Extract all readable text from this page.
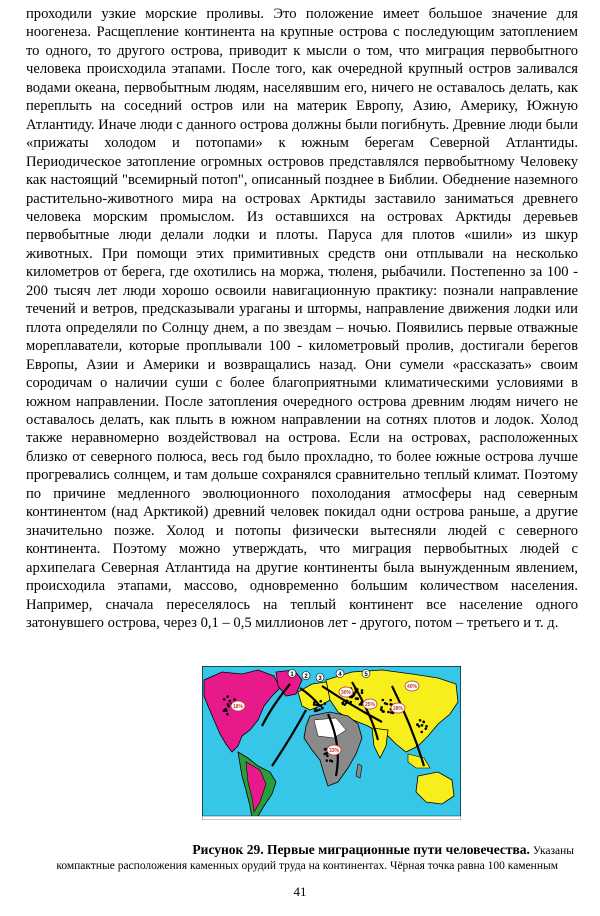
проходили узкие морские проливы. Это положение имеет большое значение для ноогенеза. Расщепление континента на крупные острова с последующим затоплением то одного, то другого острова, приводит к мысли о том, что миграция первобытного человека происходила этапами. После того, как очередной крупный остров заливался водами океана, первобытным людям, населявшим его, ничего не оставалось делать, как переплыть на соседний остров или на материк Европу, Азию, Америку, Южную Атлантиду. Иначе люди с данного острова должны были погибнуть. Древние люди были «прижаты холодом и потопами» к южным берегам Северной Атлантиды. Периодическое затопление огромных островов представлялся первобытному Человеку как настоящий "всемирный потоп", описанный позднее в Библии. Обеднение наземного растительно-животного мира на островах Арктиды заставило заниматься древнего человека морским промыслом. Из оставшихся на островах Арктиды деревьев первобытные люди делали лодки и плоты. Паруса для плотов «шили» из шкур животных. При помощи этих примитивных средств они отплывали на несколько километров от берега, где охотились на моржа, тюленя, рыбачили. Постепенно за 100 - 200 тысяч лет люди хорошо освоили навигационную практику: познали направление течений и ветров, предсказывали ураганы и штормы, направление движения лодки или плота определяли по Солнцу днем, а по звездам – ночью. Появились первые отважные мореплаватели, которые проплывали 100 - километровый пролив, достигали берегов Европы, Азии и Америки и возвращались назад. Они сумели «рассказать» своим сородичам о наличии суши с более благоприятными климатическими условиями в южном направлении. После затопления очередного острова древним людям ничего не оставалось делать, как плыть в южном направлении на сотнях плотов и лодок. Холод также неравномерно воздействовал на острова. Если на островах, расположенных близко от северного полюса, весь год было прохладно, то более южные острова лучше прогревались солнцем, и там дольше сохранялся сравнительно теплый климат. Поэтому по причине медленного эволюционного похолодания атмосферы над северным континентом (над Арктикой) древний человек покидал одни острова раньше, а другие значительно позже. Холод и потопы физически вытесняли людей с северного континента. Поэтому можно утверждать, что миграция первобытных людей с архипелага Северная Атлантида на другие континенты была вынужденным явлением, происходила этапами, массово, одновременно большим количеством населения. Например, сначала переселялось на теплый континент все население одного затонувшего острова, через 0,1 – 0,5 миллионов лет - другого, потом – третьего и т. д.

1 2 3
4	5
18%
30%
28%
33%
25%
40%
Рисунок 29. Первые миграционные пути человечества. Указаны
компактные расположения каменных орудий труда на континентах. Чёрная точка равна 100 каменным
41
